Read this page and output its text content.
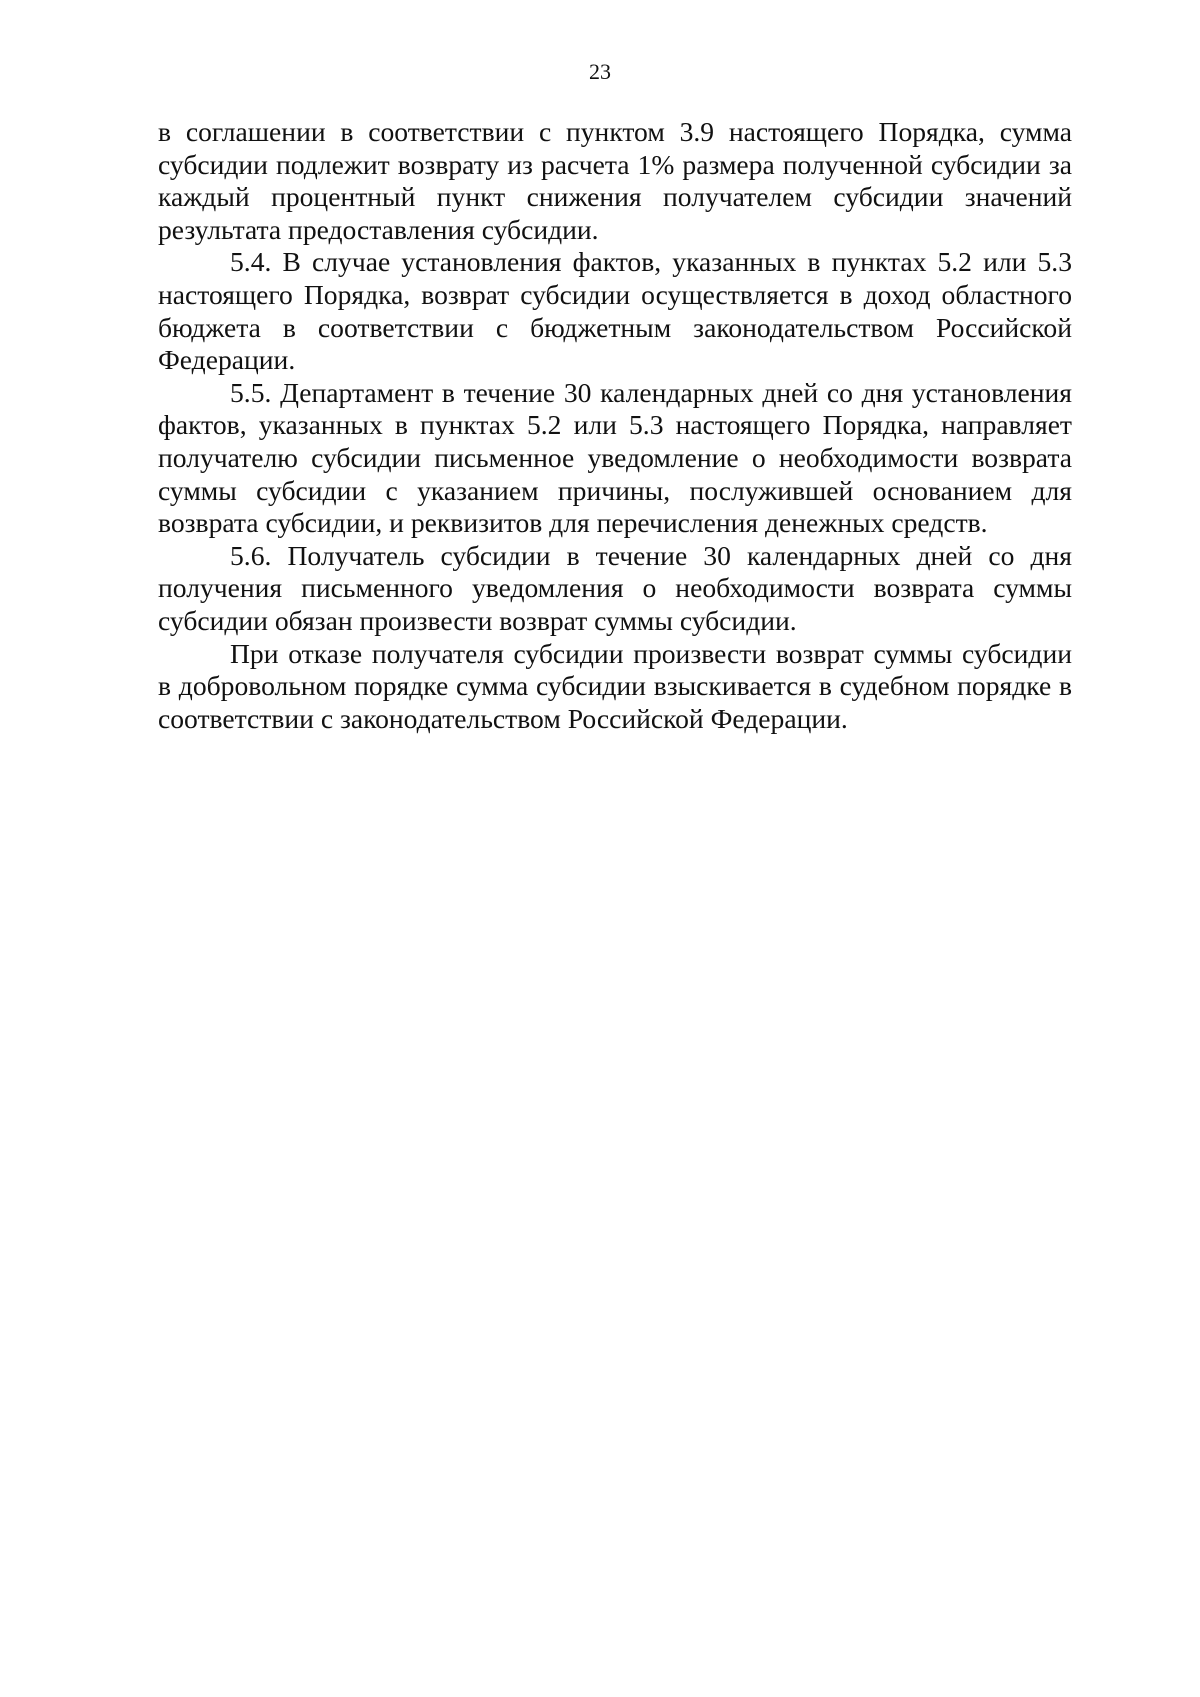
23

в соглашении в соответствии с пунктом 3.9 настоящего Порядка, сумма субсидии подлежит возврату из расчета 1% размера полученной субсидии за каждый процентный пункт снижения получателем субсидии значений результата предоставления субсидии.

5.4. В случае установления фактов, указанных в пунктах 5.2 или 5.3 настоящего Порядка, возврат субсидии осуществляется в доход областного бюджета в соответствии с бюджетным законодательством Российской Федерации.

5.5. Департамент в течение 30 календарных дней со дня установления фактов, указанных в пунктах 5.2 или 5.3 настоящего Порядка, направляет получателю субсидии письменное уведомление о необходимости возврата суммы субсидии с указанием причины, послужившей основанием для возврата субсидии, и реквизитов для перечисления денежных средств.

5.6. Получатель субсидии в течение 30 календарных дней со дня получения письменного уведомления о необходимости возврата суммы субсидии обязан произвести возврат суммы субсидии.

При отказе получателя субсидии произвести возврат суммы субсидии в добровольном порядке сумма субсидии взыскивается в судебном порядке в соответствии с законодательством Российской Федерации.
